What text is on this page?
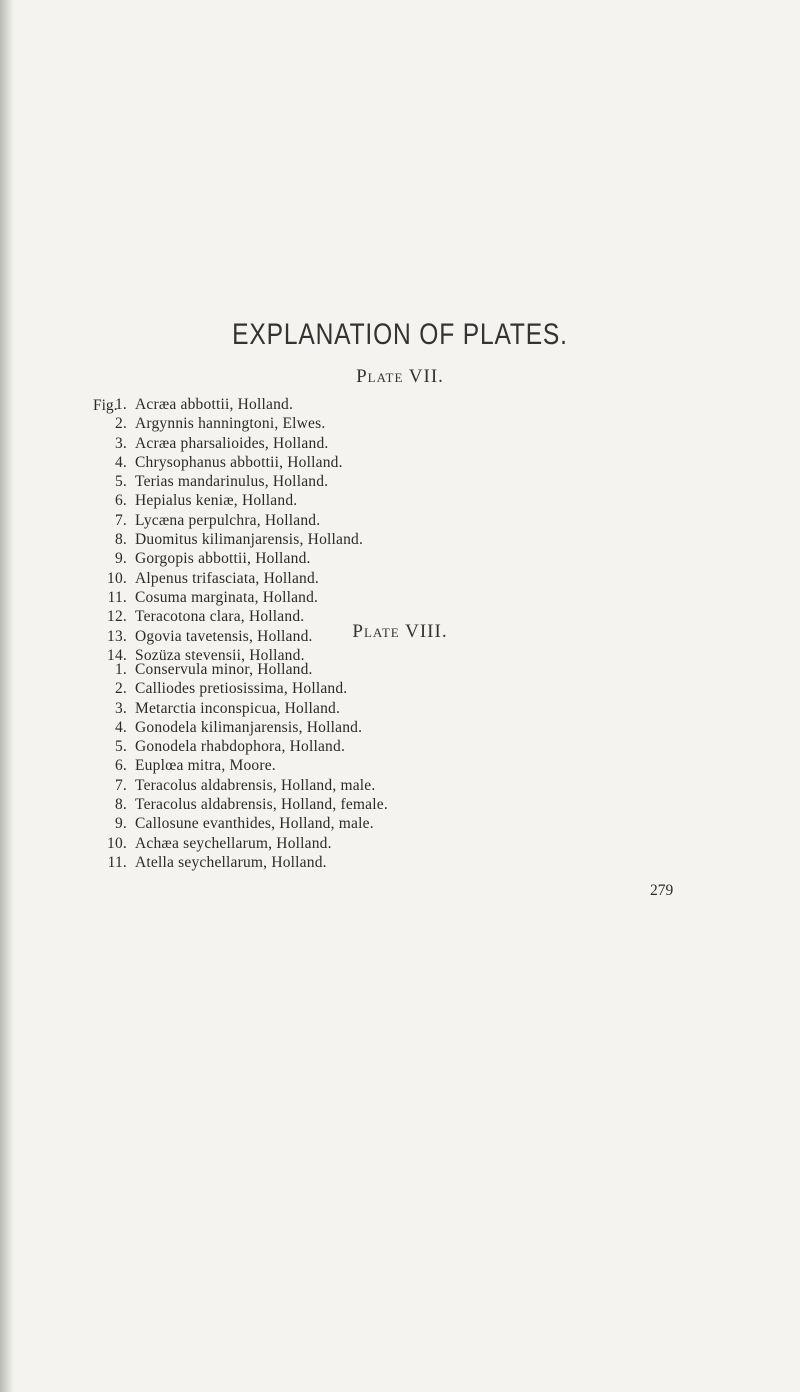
EXPLANATION OF PLATES.
Plate VII.
Fig.
1. Acræa abbottii, Holland.
2. Argynnis hanningtoni, Elwes.
3. Acræa pharsalioides, Holland.
4. Chrysophanus abbottii, Holland.
5. Terias mandarinulus, Holland.
6. Hepialus keniæ, Holland.
7. Lycæna perpulchra, Holland.
8. Duomitus kilimanjarensis, Holland.
9. Gorgopis abbottii, Holland.
10. Alpenus trifasciata, Holland.
11. Cosuma marginata, Holland.
12. Teracotona clara, Holland.
13. Ogovia tavetensis, Holland.
14. Sozüza stevensii, Holland.
Plate VIII.
1. Conservula minor, Holland.
2. Calliodes pretiosissima, Holland.
3. Metarctia inconspicua, Holland.
4. Gonodela kilimanjarensis, Holland.
5. Gonodela rhabdophora, Holland.
6. Euplœa mitra, Moore.
7. Teracolus aldabrensis, Holland, male.
8. Teracolus aldabrensis, Holland, female.
9. Callosune evanthides, Holland, male.
10. Achæa seychellarum, Holland.
11. Atella seychellarum, Holland.
279
